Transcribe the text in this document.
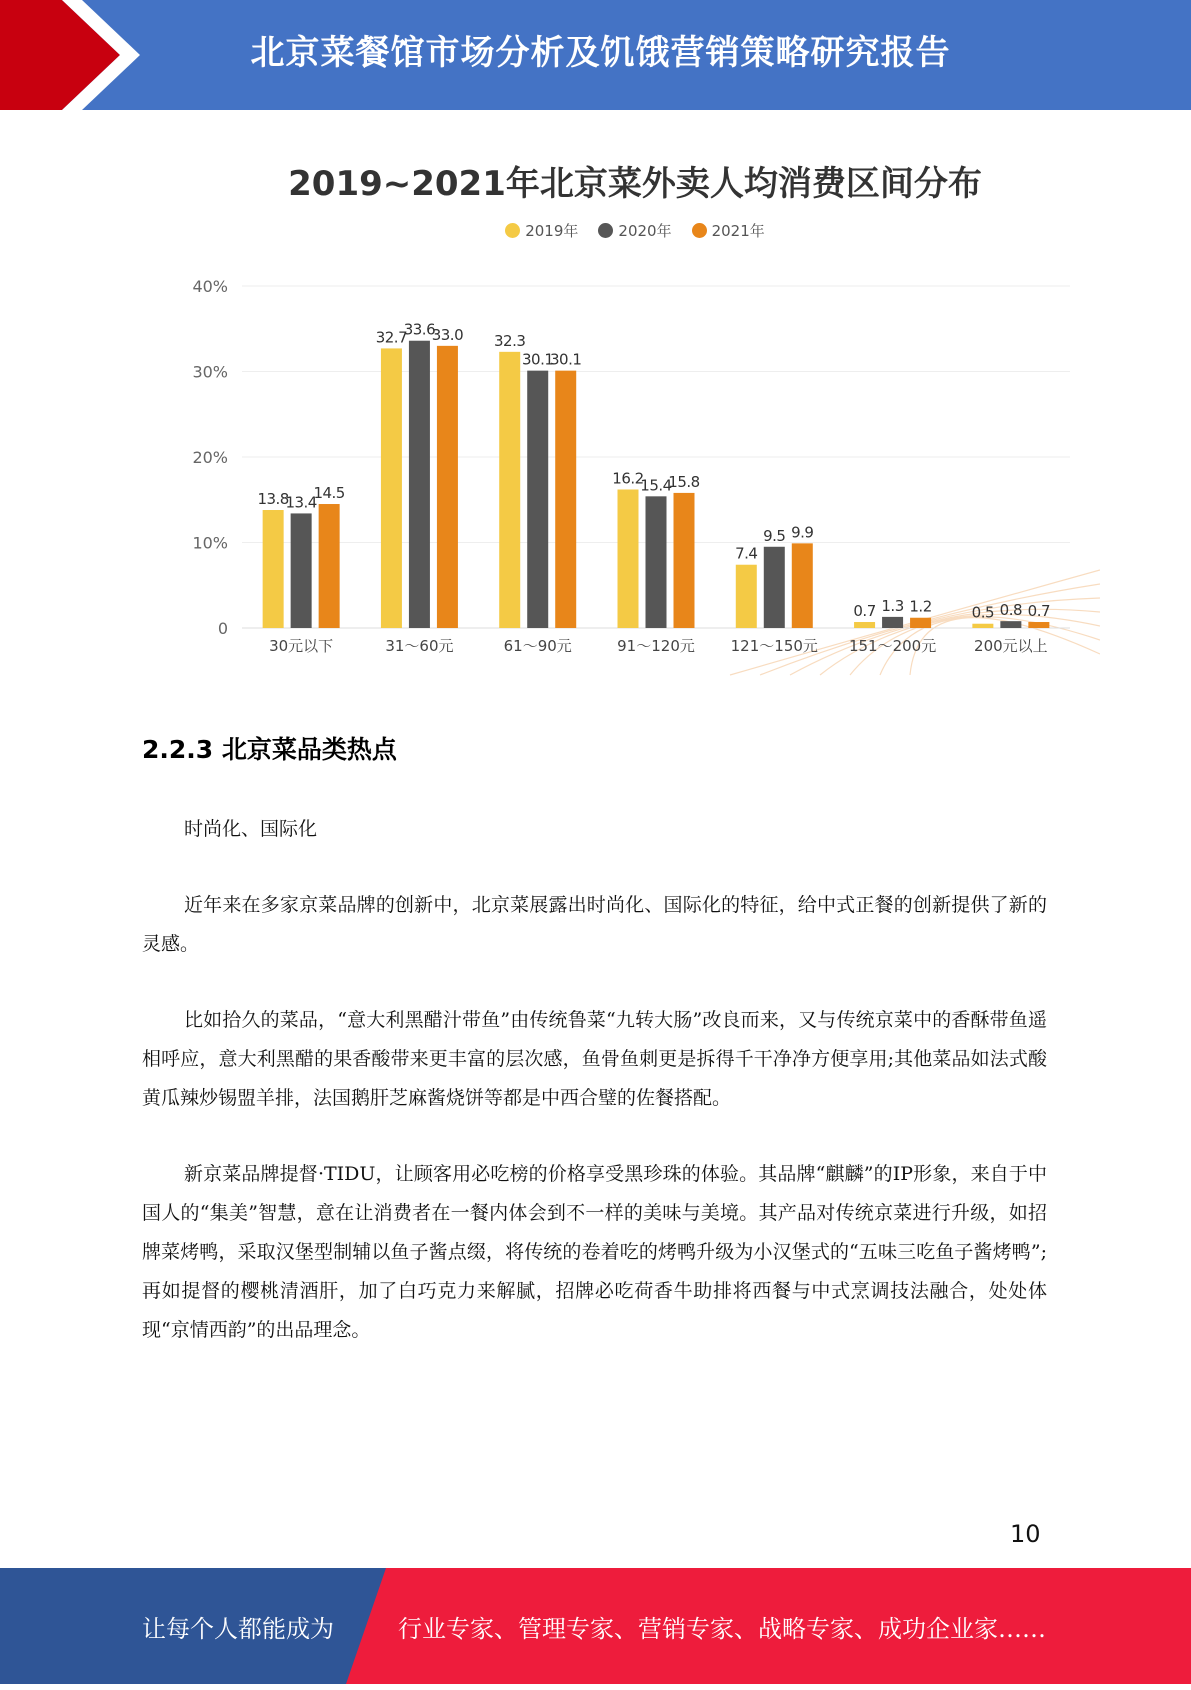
北京菜餐馆市场分析及饥饿营销策略研究报告
0
10%
20%
30%
40%
13.8
13.4
14.5
30元以下
32.7
33.6
33.0
31～60元
32.3
30.1
30.1
61～90元
16.2
15.4
15.8
91～120元
7.4
9.5 9.9
121～150元
0.7 1.3 1.2
151～200元
0.5 0.8 0.7
200元以上
2019~2021年北京菜外卖人均消费区间分布
2019年	2020年	2021年
2.2.3 北京菜品类热点

时尚化、国际化

近年来在多家京菜品牌的创新中，北京菜展露出时尚化、国际化的特征，给中式正餐的创新提供了新的灵感。

比如拾久的菜品，“意大利黑醋汁带鱼”由传统鲁菜“九转大肠”改良而来，又与传统京菜中的香酥带鱼遥相呼应，意大利黑醋的果香酸带来更丰富的层次感，鱼骨鱼刺更是拆得千干净净方便享用;其他菜品如法式酸黄瓜辣炒锡盟羊排，法国鹅肝芝麻酱烧饼等都是中西合璧的佐餐搭配。

新京菜品牌提督·TIDU，让顾客用必吃榜的价格享受黑珍珠的体验。其品牌“麒麟”的IP形象，来自于中国人的“集美”智慧，意在让消费者在一餐内体会到不一样的美味与美境。其产品对传统京菜进行升级，如招牌菜烤鸭，采取汉堡型制辅以鱼子酱点缀，将传统的卷着吃的烤鸭升级为小汉堡式的“五味三吃鱼子酱烤鸭”;再如提督的樱桃清酒肝，加了白巧克力来解腻，招牌必吃荷香牛助排将西餐与中式烹调技法融合，处处体现“京情西韵”的出品理念。

10
让每个人都能成为	行业专家、管理专家、营销专家、战略专家、成功企业家……
